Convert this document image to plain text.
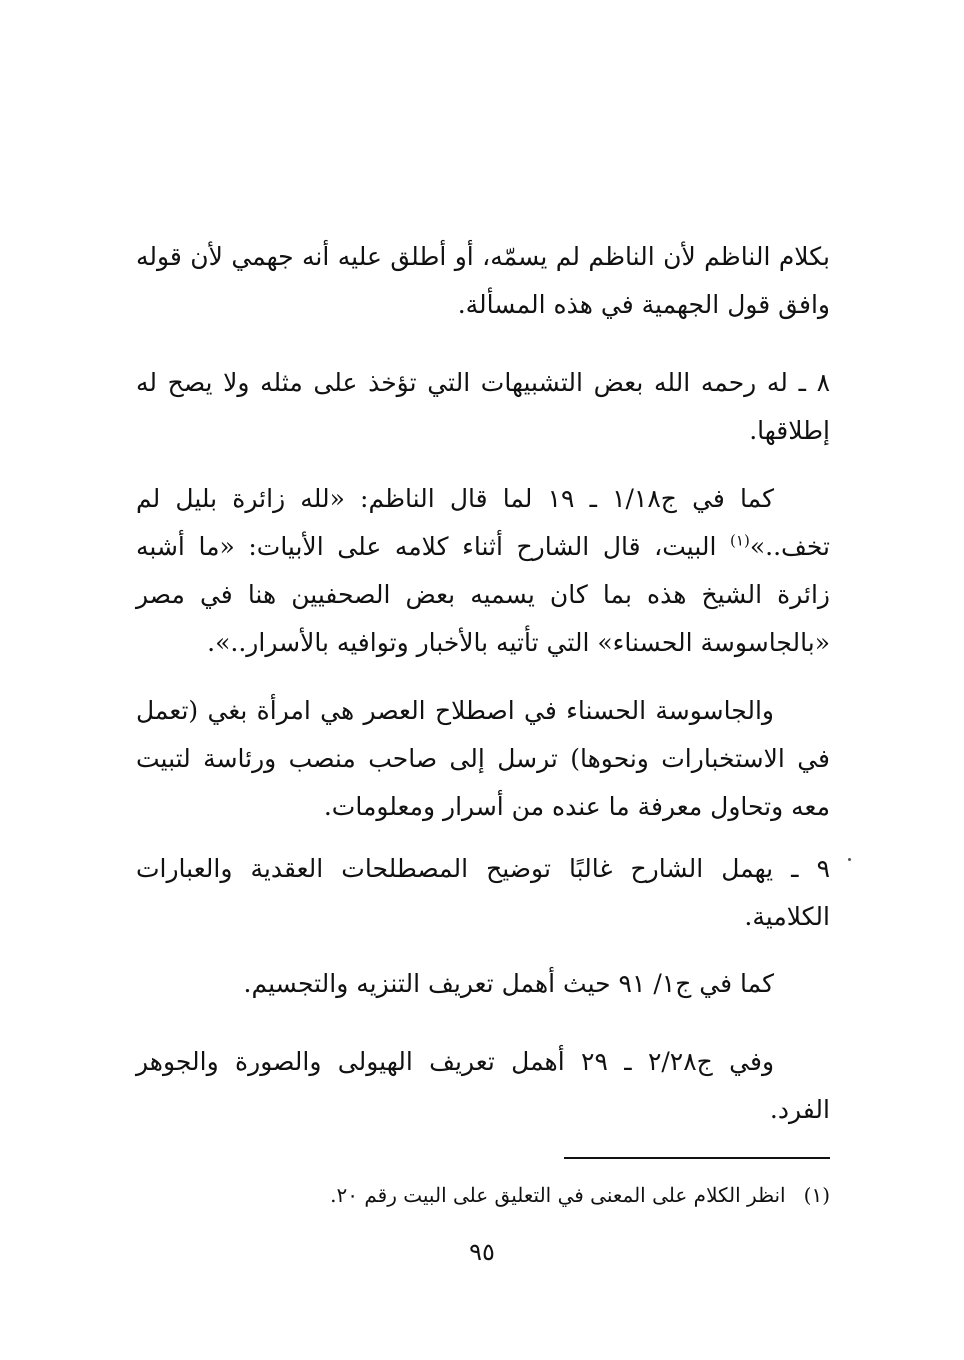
بكلام الناظم لأن الناظم لم يسمّه، أو أطلق عليه أنه جهمي لأن قوله وافق قول الجهمية في هذه المسألة.

٨ ـ له رحمه الله بعض التشبيهات التي تؤخذ على مثله ولا يصح له إطلاقها.

كما في ج١/١٨ ـ ١٩ لما قال الناظم: «لله زائرة بليل لم تخف..»$^{(١)}$ البيت، قال الشارح أثناء كلامه على الأبيات: «ما أشبه زائرة الشيخ هذه بما كان يسميه بعض الصحفيين هنا في مصر «بالجاسوسة الحسناء» التي تأتيه بالأخبار وتوافيه بالأسرار..».

والجاسوسة الحسناء في اصطلاح العصر هي امرأة بغي (تعمل في الاستخبارات ونحوها) ترسل إلى صاحب منصب ورئاسة لتبيت معه وتحاول معرفة ما عنده من أسرار ومعلومات.

٩ ـ يهمل الشارح غالبًا توضيح المصطلحات العقدية والعبارات الكلامية.

كما في ج١/ ٩١ حيث أهمل تعريف التنزيه والتجسيم.

وفي ج٢/٢٨ ـ ٢٩ أهمل تعريف الهيولى والصورة والجوهر الفرد.

(١)انظر الكلام على المعنى في التعليق على البيت رقم ٢٠.

٩٥
